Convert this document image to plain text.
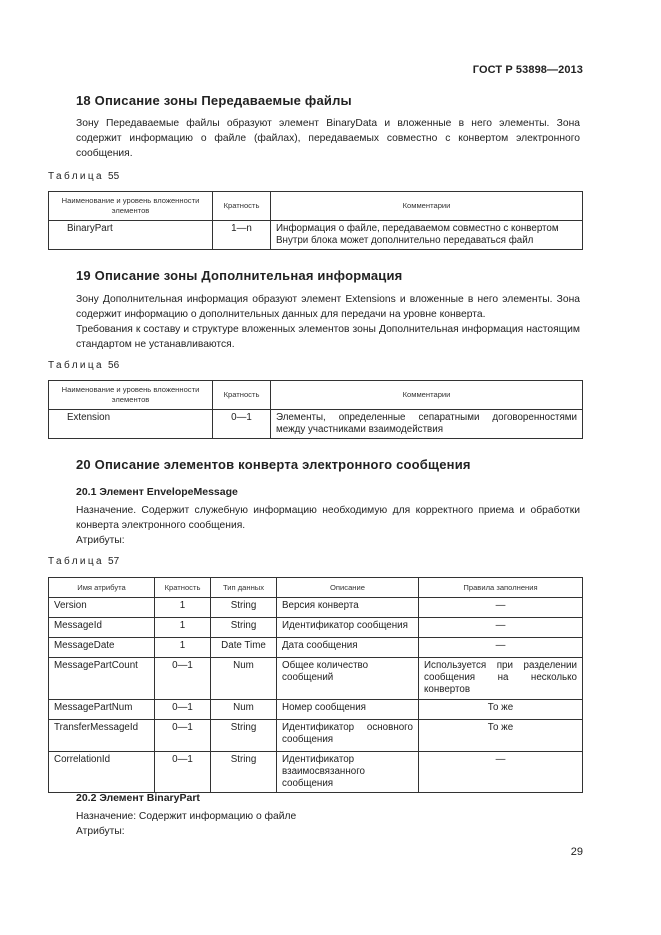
ГОСТ Р 53898—2013
18 Описание зоны Передаваемые файлы
Зону Передаваемые файлы образуют элемент BinaryData и вложенные в него элементы. Зона содержит информацию о файле (файлах), передаваемых совместно с конвертом электронного сообщения.
Таблица 55
Наименование и уровень вложенности элементов	Кратность	Комментарии
BinaryPart	1—n	Информация о файле, передаваемом совместно с конвертом Внутри блока может дополнительно передаваться файл
19 Описание зоны Дополнительная информация
Зону Дополнительная информация образуют элемент Extensions и вложенные в него элементы. Зона содержит информацию о дополнительных данных для передачи на уровне конверта.
Требования к составу и структуре вложенных элементов зоны Дополнительная информация настоящим стандартом не устанавливаются.
Таблица 56
Наименование и уровень вложенности элементов	Кратность	Комментарии
Extension	0—1	Элементы, определенные сепаратными договоренностями между участниками взаимодействия
20 Описание элементов конверта электронного сообщения
20.1 Элемент EnvelopeMessage
Назначение. Содержит служебную информацию необходимую для корректного приема и обработки конверта электронного сообщения.
Атрибуты:
Таблица 57
Имя атрибута	Кратность	Тип данных	Описание	Правила заполнения
Version	1	String	Версия конверта	—
MessageId	1	String	Идентификатор сообщения	—
MessageDate	1	Date Time	Дата сообщения	—
MessagePartCount	0—1	Num	Общее количество сообщений	Используется при разделении сообщения на несколько конвертов
MessagePartNum	0—1	Num	Номер сообщения	То же
TransferMessageId	0—1	String	Идентификатор основного сообщения	То же
CorrelationId	0—1	String	Идентификатор взаимосвязанного сообщения	—
20.2 Элемент BinaryPart
Назначение: Содержит информацию о файле
Атрибуты:
29
